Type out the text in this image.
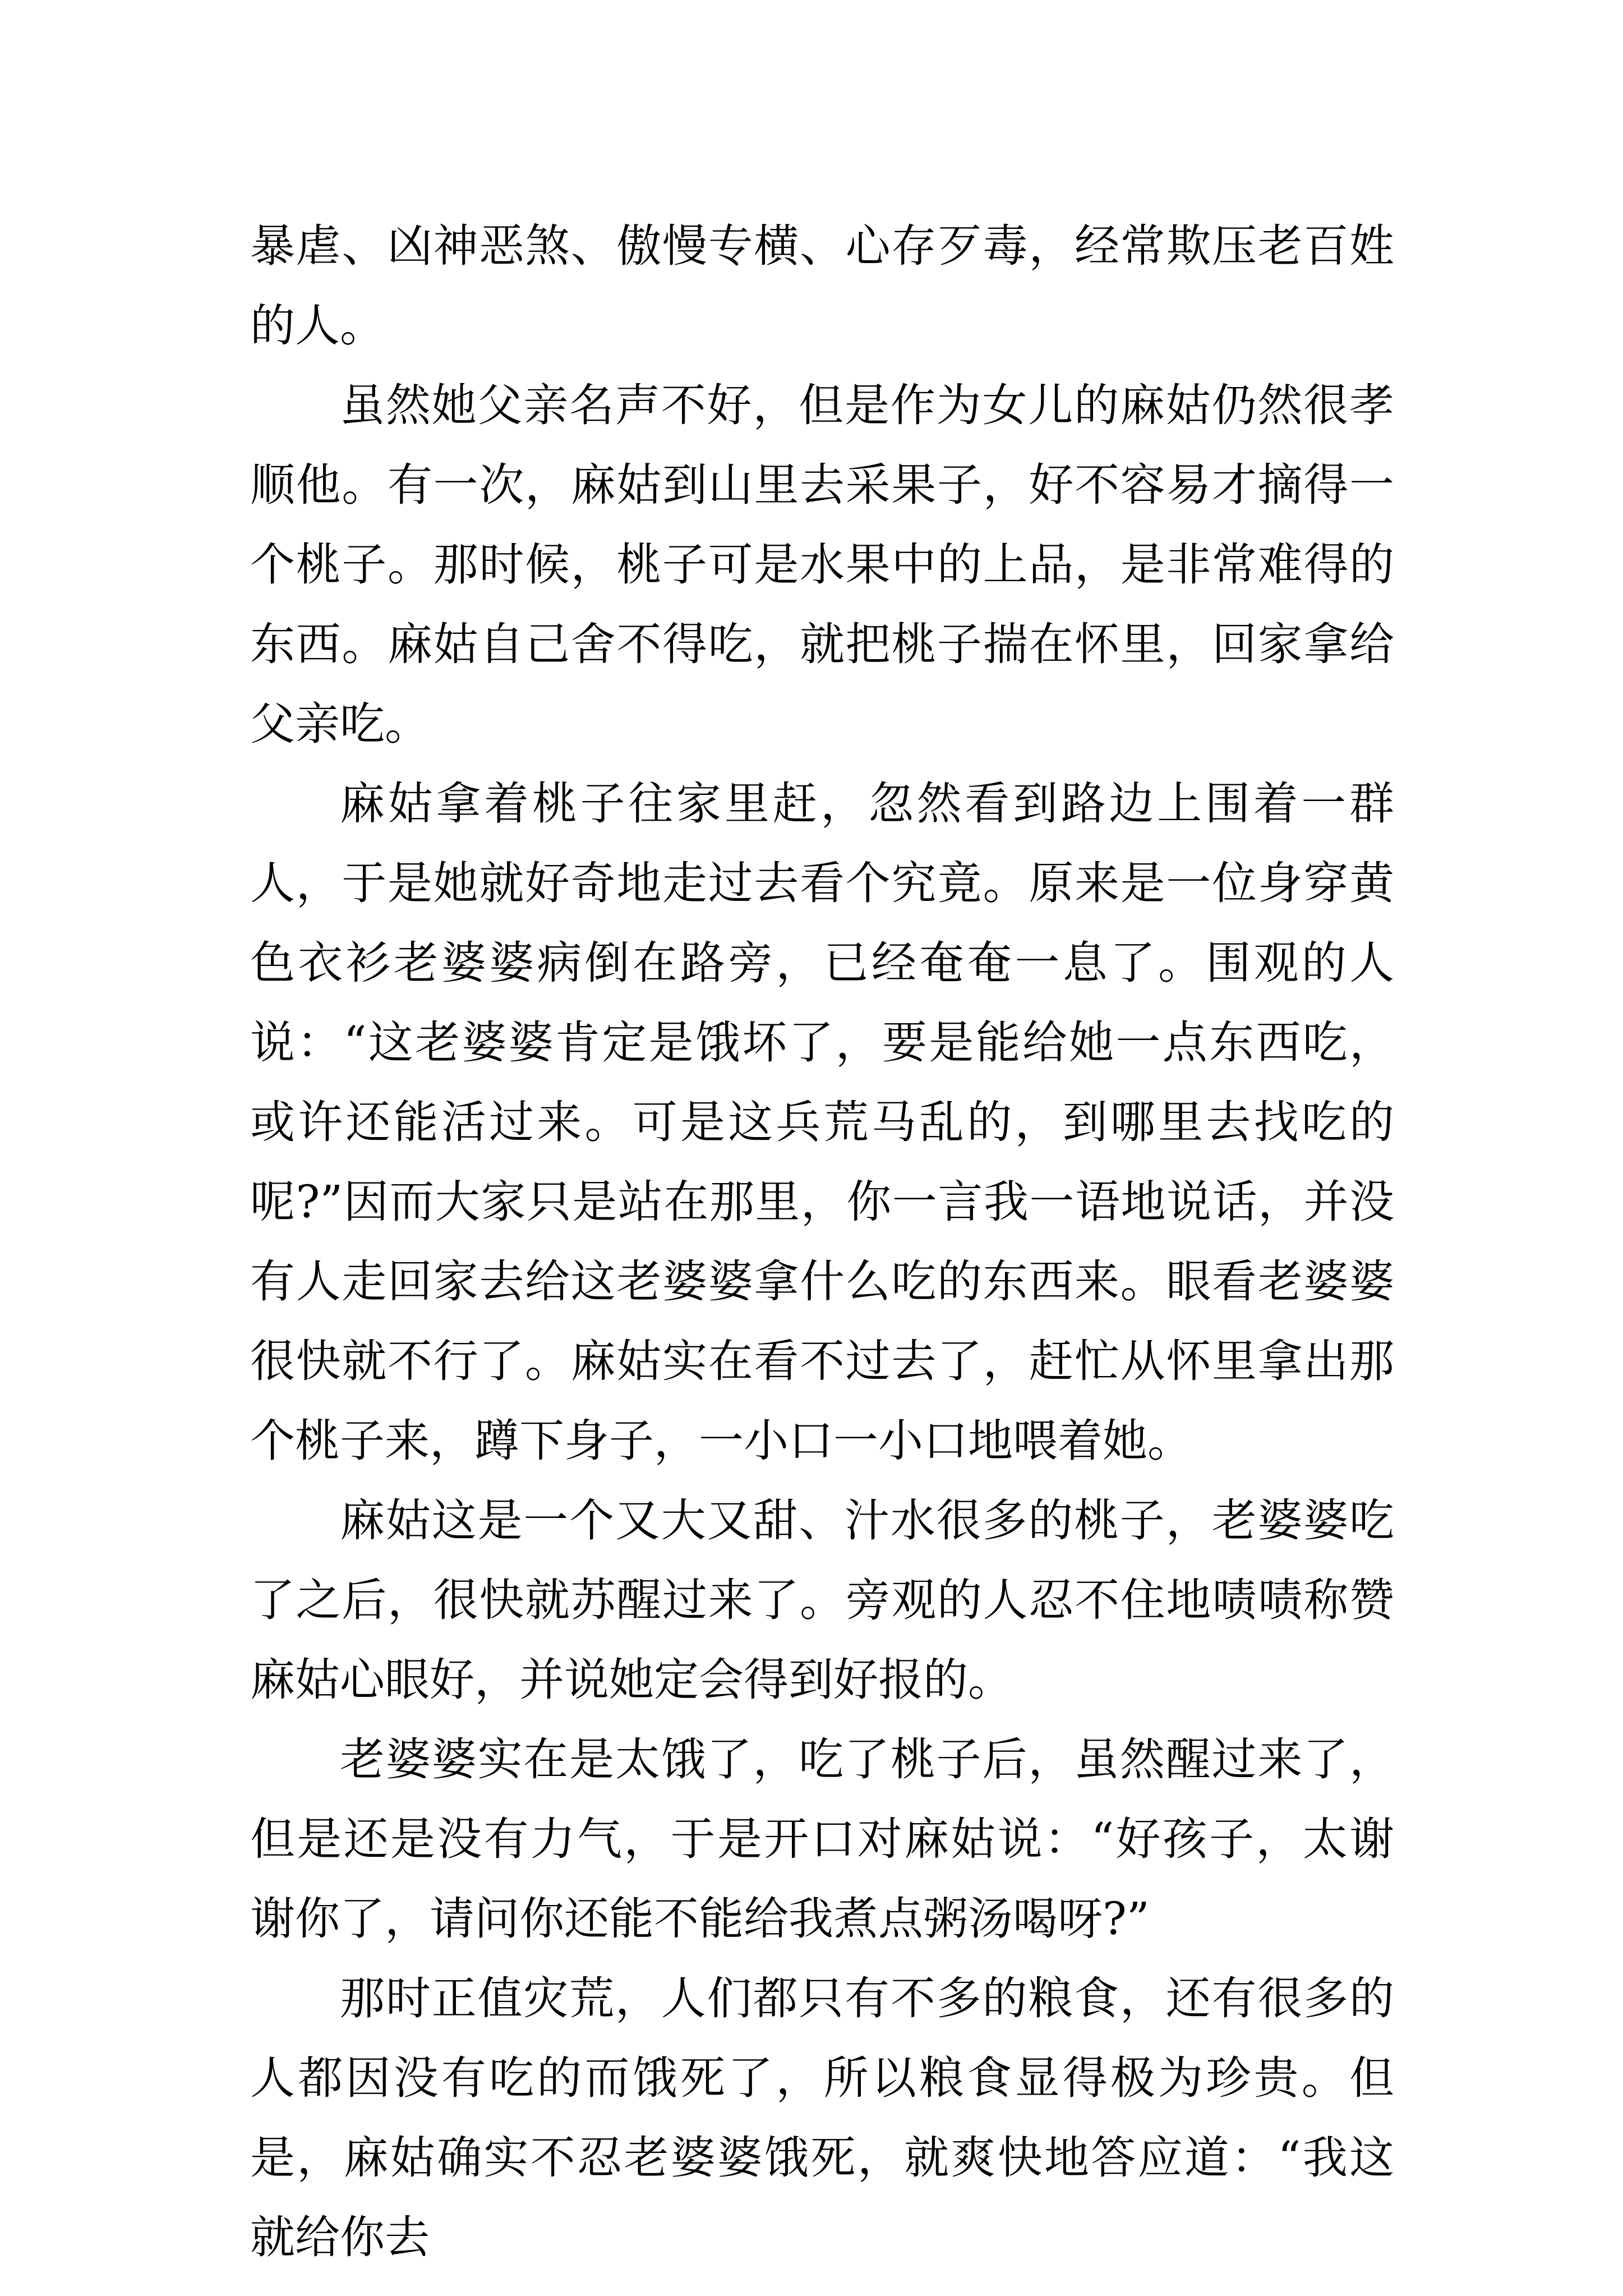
暴虐、凶神恶煞、傲慢专横、心存歹毒，经常欺压老百姓的人。

虽然她父亲名声不好，但是作为女儿的麻姑仍然很孝顺他。有一次，麻姑到山里去采果子，好不容易才摘得一个桃子。那时候，桃子可是水果中的上品，是非常难得的东西。麻姑自己舍不得吃，就把桃子揣在怀里，回家拿给父亲吃。

麻姑拿着桃子往家里赶，忽然看到路边上围着一群人，于是她就好奇地走过去看个究竟。原来是一位身穿黄色衣衫老婆婆病倒在路旁，已经奄奄一息了。围观的人说：“这老婆婆肯定是饿坏了，要是能给她一点东西吃，或许还能活过来。可是这兵荒马乱的，到哪里去找吃的呢?”因而大家只是站在那里，你一言我一语地说话，并没有人走回家去给这老婆婆拿什么吃的东西来。眼看老婆婆很快就不行了。麻姑实在看不过去了，赶忙从怀里拿出那个桃子来，蹲下身子，一小口一小口地喂着她。

麻姑这是一个又大又甜、汁水很多的桃子，老婆婆吃了之后，很快就苏醒过来了。旁观的人忍不住地啧啧称赞麻姑心眼好，并说她定会得到好报的。

老婆婆实在是太饿了，吃了桃子后，虽然醒过来了，但是还是没有力气，于是开口对麻姑说：“好孩子，太谢谢你了，请问你还能不能给我煮点粥汤喝呀?”

那时正值灾荒，人们都只有不多的粮食，还有很多的人都因没有吃的而饿死了，所以粮食显得极为珍贵。但是，麻姑确实不忍老婆婆饿死，就爽快地答应道：“我这就给你去
